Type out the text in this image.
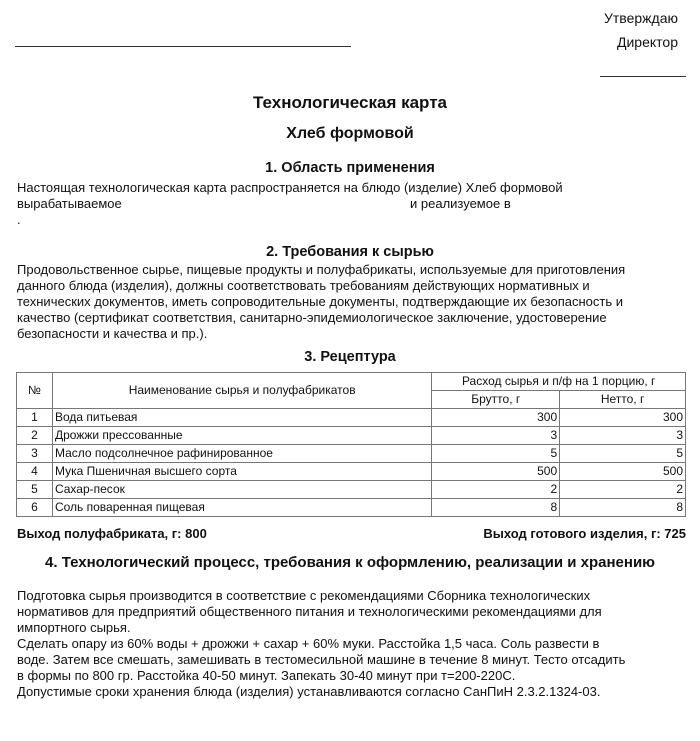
Утверждаю
Директор
Технологическая карта
Хлеб формовой
1. Область применения
Настоящая технологическая карта распространяется на блюдо (изделие) Хлеб формовой
вырабатываемое	и реализуемое в
.
2. Требования к сырью
Продовольственное сырье, пищевые продукты и полуфабрикаты, используемые для приготовления
данного блюда (изделия), должны соответствовать требованиям действующих нормативных и
технических документов, иметь сопроводительные документы, подтверждающие их безопасность и
качество (сертификат соответствия, санитарно-эпидемиологическое заключение, удостоверение
безопасности и качества и пр.).
3. Рецептура
№	Наименование сырья и полуфабрикатов	Расход сырья и п/ф на 1 порцию, г	
		Брутто, г	Нетто, г
1	Вода питьевая	300	300
2	Дрожжи прессованные	3	3
3	Масло подсолнечное рафинированное	5	5
4	Мука Пшеничная высшего сорта	500	500
5	Сахар-песок	2	2
6	Соль поваренная пищевая	8	8
Выход полуфабриката, г: 800	Выход готового изделия, г: 725
4. Технологический процесс, требования к оформлению, реализации и хранению
Подготовка сырья производится в соответствие с рекомендациями Сборника технологических
нормативов для предприятий общественного питания и технологическими рекомендациями для
импортного сырья.
Сделать опару из 60% воды + дрожжи + сахар + 60% муки. Расстойка 1,5 часа. Соль развести в
воде. Затем все смешать, замешивать в тестомесильной машине в течение 8 минут. Тесто отсадить
в формы по 800 гр. Расстойка 40-50 минут. Запекать 30-40 минут при т=200-220С.
Допустимые сроки хранения блюда (изделия) устанавливаются согласно СанПиН 2.3.2.1324-03.
